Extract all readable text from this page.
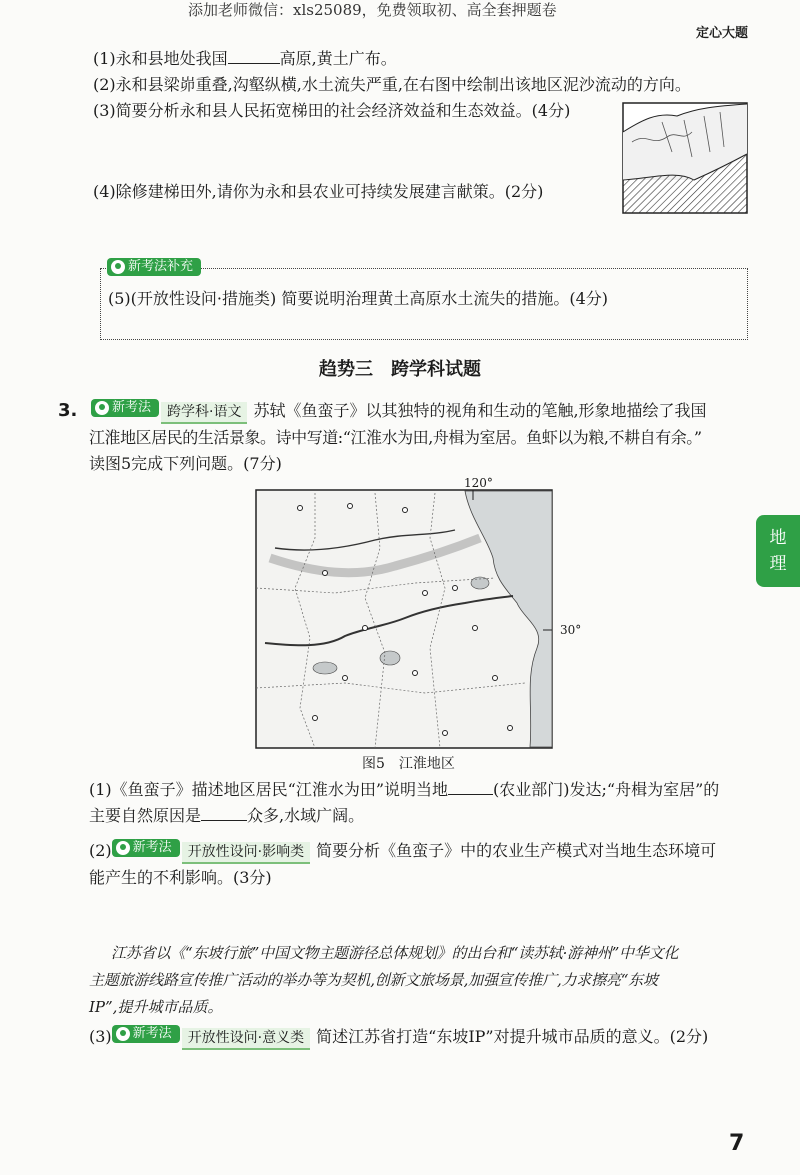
添加老师微信：xls25089，免费领取初、高全套押题卷
定心大题
(1)永和县地处我国	高原,黄土广布。
(2)永和县梁峁重叠,沟壑纵横,水土流失严重,在右图中绘制出该地区泥沙流动的方向。
(3)简要分析永和县人民拓宽梯田的社会经济效益和生态效益。(4分)
(4)除修建梯田外,请你为永和县农业可持续发展建言献策。(2分)
新考法补充
(5)(开放性设问·措施类) 简要说明治理黄土高原水土流失的措施。(4分)
趋势三　跨学科试题
3.	新考法 跨学科·语文 苏轼《鱼蛮子》以其独特的视角和生动的笔触,形象地描绘了我国
江淮地区居民的生活景象。诗中写道:“江淮水为田,舟楫为室居。鱼虾以为粮,不耕自有余。”
读图5完成下列问题。(7分)
120°
30°
图5　江淮地区
(1)《鱼蛮子》描述地区居民“江淮水为田”说明当地	(农业部门)发达;“舟楫为室居”的
主要自然原因是	众多,水域广阔。
(2) 新考法 开放性设问·影响类 简要分析《鱼蛮子》中的农业生产模式对当地生态环境可
能产生的不利影响。(3分)
江苏省以《“东坡行旅”中国文物主题游径总体规划》的出台和“读苏轼·游神州”中华文化
主题旅游线路宣传推广活动的举办等为契机,创新文旅场景,加强宣传推广,力求擦亮“东坡
IP”,提升城市品质。
(3) 新考法 开放性设问·意义类 简述江苏省打造“东坡IP”对提升城市品质的意义。(2分)
地
理
7
